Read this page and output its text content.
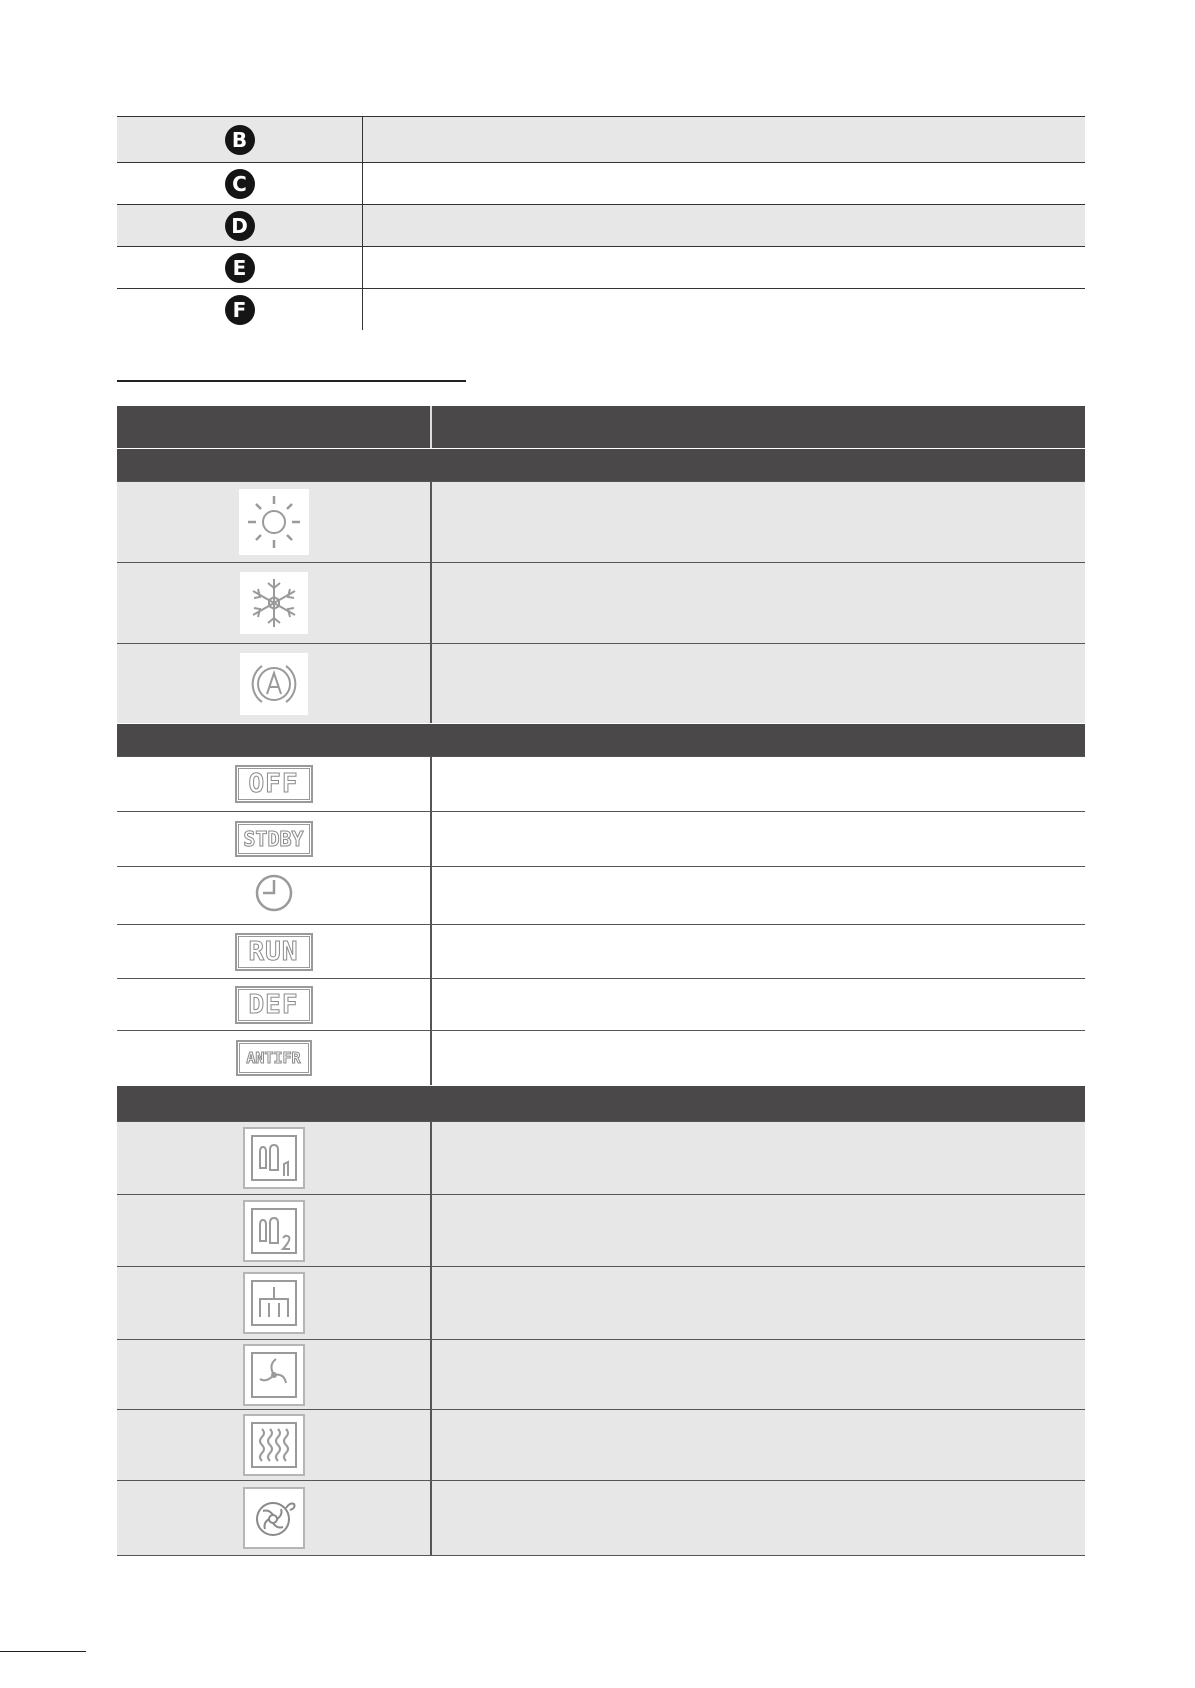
B
C
D
E
F
OFF
STDBY
RUN
DEF
ANTIFR
